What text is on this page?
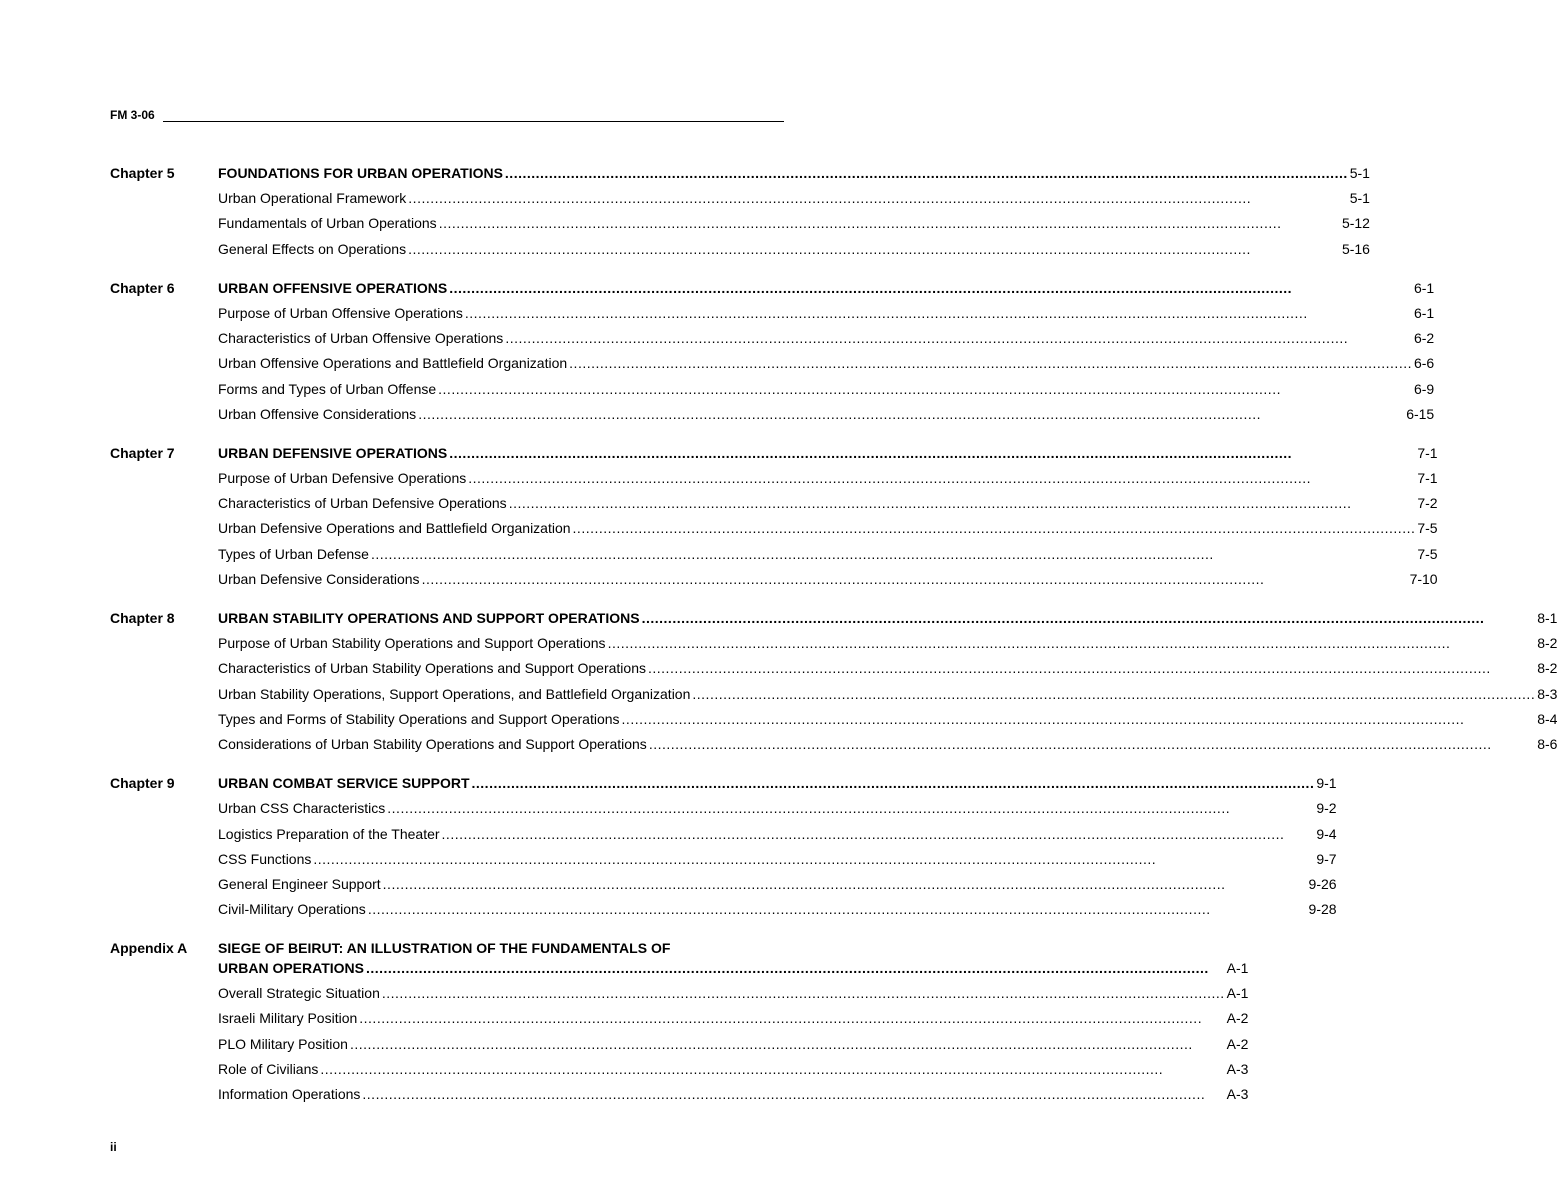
FM 3-06
Chapter 5	FOUNDATIONS FOR URBAN OPERATIONS .....	5-1
Urban Operational Framework .....	5-1
Fundamentals of Urban Operations .....	5-12
General Effects on Operations .....	5-16
Chapter 6	URBAN OFFENSIVE OPERATIONS .....	6-1
Purpose of Urban Offensive Operations .....	6-1
Characteristics of Urban Offensive Operations .....	6-2
Urban Offensive Operations and Battlefield Organization .....	6-6
Forms and Types of Urban Offense .....	6-9
Urban Offensive Considerations .....	6-15
Chapter 7	URBAN DEFENSIVE OPERATIONS .....	7-1
Purpose of Urban Defensive Operations .....	7-1
Characteristics of Urban Defensive Operations .....	7-2
Urban Defensive Operations and Battlefield Organization .....	7-5
Types of Urban Defense .....	7-5
Urban Defensive Considerations .....	7-10
Chapter 8	URBAN STABILITY OPERATIONS AND SUPPORT OPERATIONS .....	8-1
Purpose of Urban Stability Operations and Support Operations .....	8-2
Characteristics of Urban Stability Operations and Support Operations .....	8-2
Urban Stability Operations, Support Operations, and Battlefield Organization .....	8-3
Types and Forms of Stability Operations and Support Operations .....	8-4
Considerations of Urban Stability Operations and Support Operations .....	8-6
Chapter 9	URBAN COMBAT SERVICE SUPPORT .....	9-1
Urban CSS Characteristics .....	9-2
Logistics Preparation of the Theater .....	9-4
CSS Functions .....	9-7
General Engineer Support .....	9-26
Civil-Military Operations .....	9-28
Appendix A	SIEGE OF BEIRUT: AN ILLUSTRATION OF THE FUNDAMENTALS OF
URBAN OPERATIONS .....	A-1
Overall Strategic Situation .....	A-1
Israeli Military Position .....	A-2
PLO Military Position .....	A-2
Role of Civilians .....	A-3
Information Operations .....	A-3
ii
